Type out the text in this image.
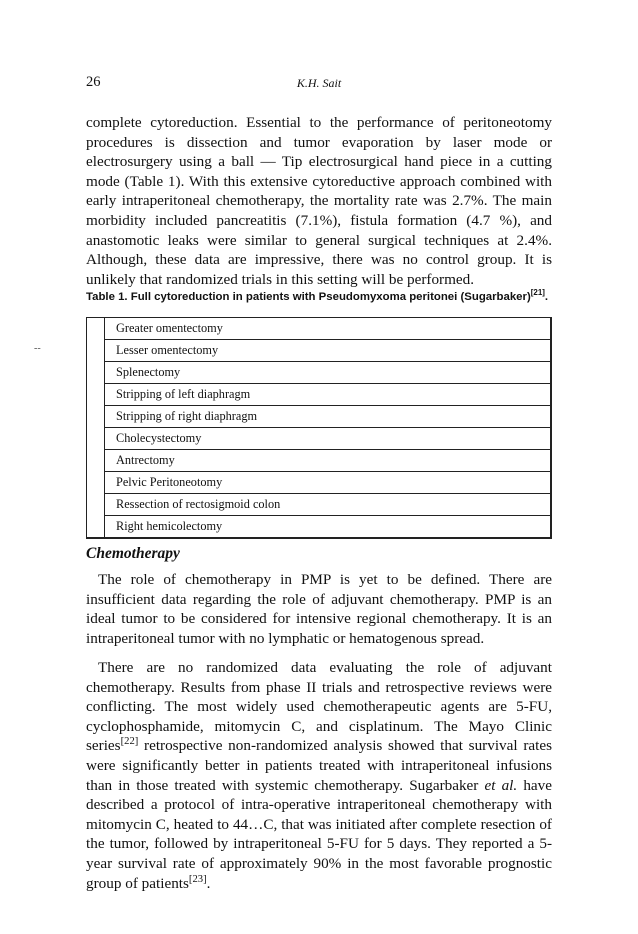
26	K.H. Sait

complete cytoreduction. Essential to the performance of peritoneotomy procedures is dissection and tumor evaporation by laser mode or electrosurgery using a ball — Tip electrosurgical hand piece in a cutting mode (Table 1). With this extensive cytoreductive approach combined with early intraperitoneal chemotherapy, the mortality rate was 2.7%. The main morbidity included pancreatitis (7.1%), fistula formation (4.7 %), and anastomotic leaks were similar to general surgical techniques at 2.4%. Although, these data are impressive, there was no control group. It is unlikely that randomized trials in this setting will be performed.

Table 1. Full cytoreduction in patients with Pseudomyxoma peritonei (Sugarbaker)[21].
Greater omentectomy
Lesser omentectomy
Splenectomy
Stripping of left diaphragm
Stripping of right diaphragm
Cholecystectomy
Antrectomy
Pelvic Peritoneotomy
Ressection of rectosigmoid colon
Right hemicolectomy
‐‐
Chemotherapy

The role of chemotherapy in PMP is yet to be defined. There are insufficient data regarding the role of adjuvant chemotherapy. PMP is an ideal tumor to be considered for intensive regional chemotherapy. It is an intraperitoneal tumor with no lymphatic or hematogenous spread.

There are no randomized data evaluating the role of adjuvant chemotherapy. Results from phase II trials and retrospective reviews were conflicting. The most widely used chemotherapeutic agents are 5-FU, cyclophosphamide, mitomycin C, and cisplatinum. The Mayo Clinic series[22] retrospective non-randomized analysis showed that survival rates were significantly better in patients treated with intraperitoneal infusions than in those treated with systemic chemotherapy. Sugarbaker et al. have described a protocol of intra-operative intraperitoneal chemotherapy with mitomycin C, heated to 44…C, that was initiated after complete resection of the tumor, followed by intraperitoneal 5-FU for 5 days. They reported a 5-year survival rate of approximately 90% in the most favorable prognostic group of patients[23].
